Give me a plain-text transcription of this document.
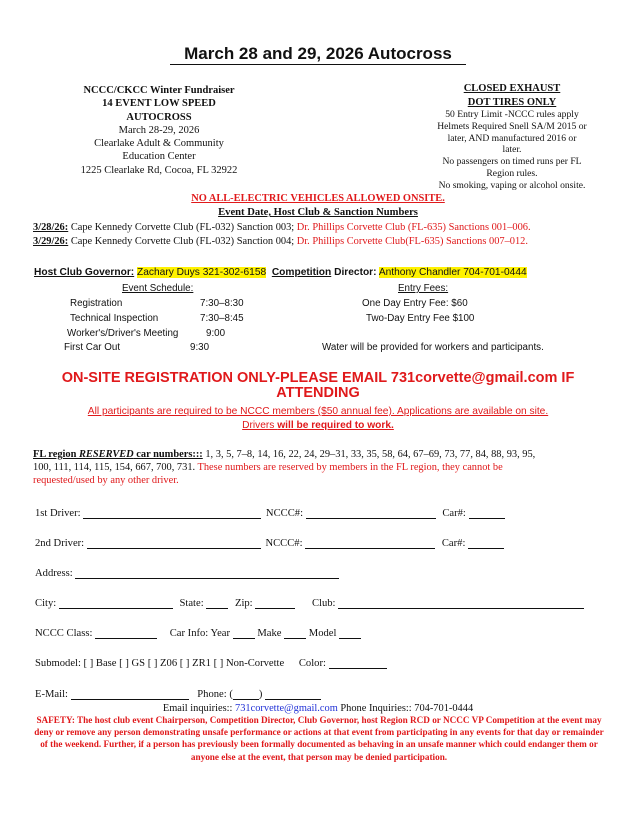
March 28 and 29, 2026 Autocross
NCCC/CKCC Winter Fundraiser
14 EVENT LOW SPEED
AUTOCROSS
March 28-29, 2026
Clearlake Adult & Community
Education Center
1225 Clearlake Rd, Cocoa, FL 32922
CLOSED EXHAUST
DOT TIRES ONLY
50 Entry Limit -NCCC rules apply
Helmets Required Snell SA/M 2015 or
later, AND manufactured 2016 or
later.
No passengers on timed runs per FL
Region rules.
No smoking, vaping or alcohol onsite.
NO ALL-ELECTRIC VEHICLES ALLOWED ONSITE.
Event Date, Host Club & Sanction Numbers
3/28/26: Cape Kennedy Corvette Club (FL-032) Sanction 003; Dr. Phillips Corvette Club (FL-635) Sanctions 001–006.
3/29/26: Cape Kennedy Corvette Club (FL-032) Sanction 004; Dr. Phillips Corvette Club(FL-635) Sanctions 007–012.
Host Club Governor: Zachary Duys 321-302-6158 Competition Director: Anthony Chandler 704-701-0444
Event Schedule:
Registration	7:30–8:30
Technical Inspection	7:30–8:45
Worker's/Driver's Meeting	9:00
First Car Out	9:30
Entry Fees:
One Day Entry Fee: $60
Two-Day Entry Fee $100
Water will be provided for workers and participants.
ON-SITE REGISTRATION ONLY-PLEASE EMAIL 731corvette@gmail.com IF
ATTENDING
All participants are required to be NCCC members ($50 annual fee). Applications are available on site.
Drivers will be required to work.
FL region RESERVED car numbers::: 1, 3, 5, 7–8, 14, 16, 22, 24, 29–31, 33, 35, 58, 64, 67–69, 73, 77, 84, 88, 93, 95,
100, 111, 114, 115, 154, 667, 700, 731. These numbers are reserved by members in the FL region, they cannot be
requested/used by any other driver.
1st Driver:	NCCC#:	Car#:
2nd Driver:	NCCC#:	Car#:
Address:
City:	State:	Zip:	Club:
NCCC Class:	Car Info: Year	Make	Model
Submodel: [ ] Base [ ] GS [ ] Z06 [ ] ZR1 [ ] Non-Corvette Color:
E-Mail:	Phone: ( )
Email inquiries:: 731corvette@gmail.com Phone Inquiries:: 704-701-0444
SAFETY: The host club event Chairperson, Competition Director, Club Governor, host Region RCD or NCCC VP Competition at the event may deny or remove any person demonstrating unsafe performance or actions at that event from participating in any events for that day or remainder of the weekend. Further, if a person has previously been formally documented as behaving in an unsafe manner which could endanger them or anyone else at the event, that person may be denied participation.
